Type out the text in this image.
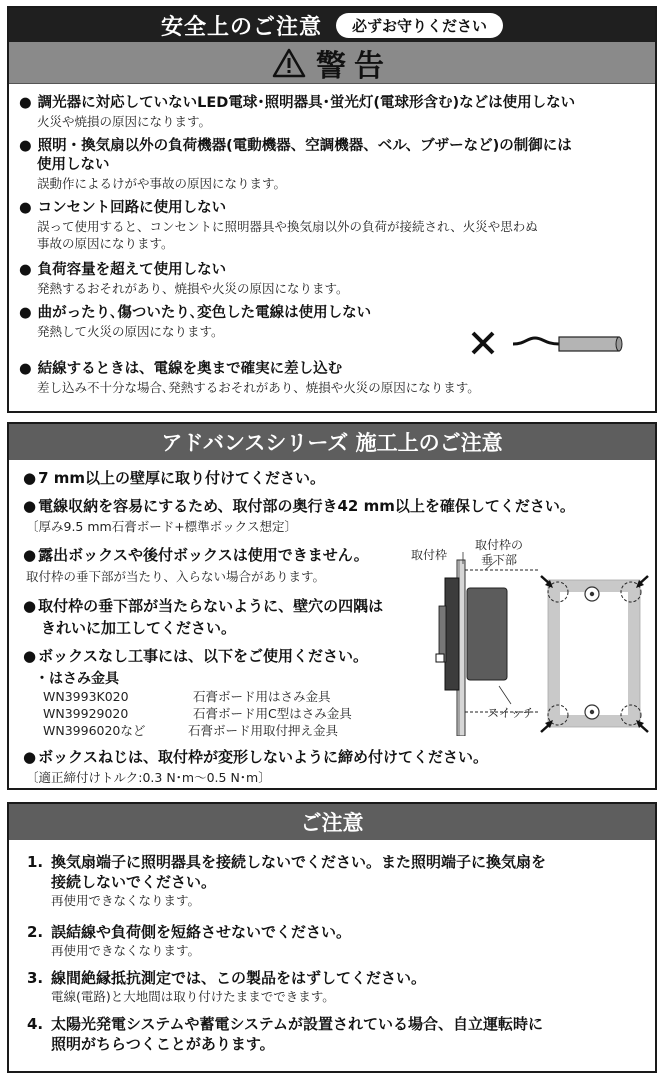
安全上のご注意	必ずお守りください
警告
● 調光器に対応していないLED電球･照明器具･蛍光灯(電球形含む)などは使用しない
火災や焼損の原因になります。
● 照明・換気扇以外の負荷機器(電動機器、空調機器、ベル、ブザーなど)の制御には
使用しない
誤動作によるけがや事故の原因になります。
● コンセント回路に使用しない
誤って使用すると、コンセントに照明器具や換気扇以外の負荷が接続され、火災や思わぬ
事故の原因になります。
● 負荷容量を超えて使用しない
発熱するおそれがあり、焼損や火災の原因になります。
● 曲がったり､傷ついたり､変色した電線は使用しない
発熱して火災の原因になります。
● 結線するときは、電線を奥まで確実に差し込む
差し込み不十分な場合､発熱するおそれがあり、焼損や火災の原因になります。
アドバンスシリーズ 施工上のご注意
● 7 mm以上の壁厚に取り付けてください。
● 電線収納を容易にするため、取付部の奥行き42 mm以上を確保してください。
〔厚み9.5 mm石膏ボード+標準ボックス想定〕
● 露出ボックスや後付ボックスは使用できません。
取付枠の垂下部が当たり、入らない場合があります。
● 取付枠の垂下部が当たらないように、壁穴の四隅は
きれいに加工してください。
● ボックスなし工事には、以下をご使用ください。
・はさみ金具
WN3993K020	石膏ボード用はさみ金具
WN39929020	石膏ボード用C型はさみ金具
WN3996020など	石膏ボード用取付押え金具
● ボックスねじは、取付枠が変形しないように締め付けてください。
〔適正締付けトルク:0.3 N･m～0.5 N･m〕
取付枠
取付枠の
垂下部
スイッチ
ご注意
1. 換気扇端子に照明器具を接続しないでください。また照明端子に換気扇を
接続しないでください。
再使用できなくなります。
2. 誤結線や負荷側を短絡させないでください。
再使用できなくなります。
3. 線間絶縁抵抗測定では、この製品をはずしてください。
電線(電路)と大地間は取り付けたままでできます。
4. 太陽光発電システムや蓄電システムが設置されている場合、自立運転時に
照明がちらつくことがあります。
